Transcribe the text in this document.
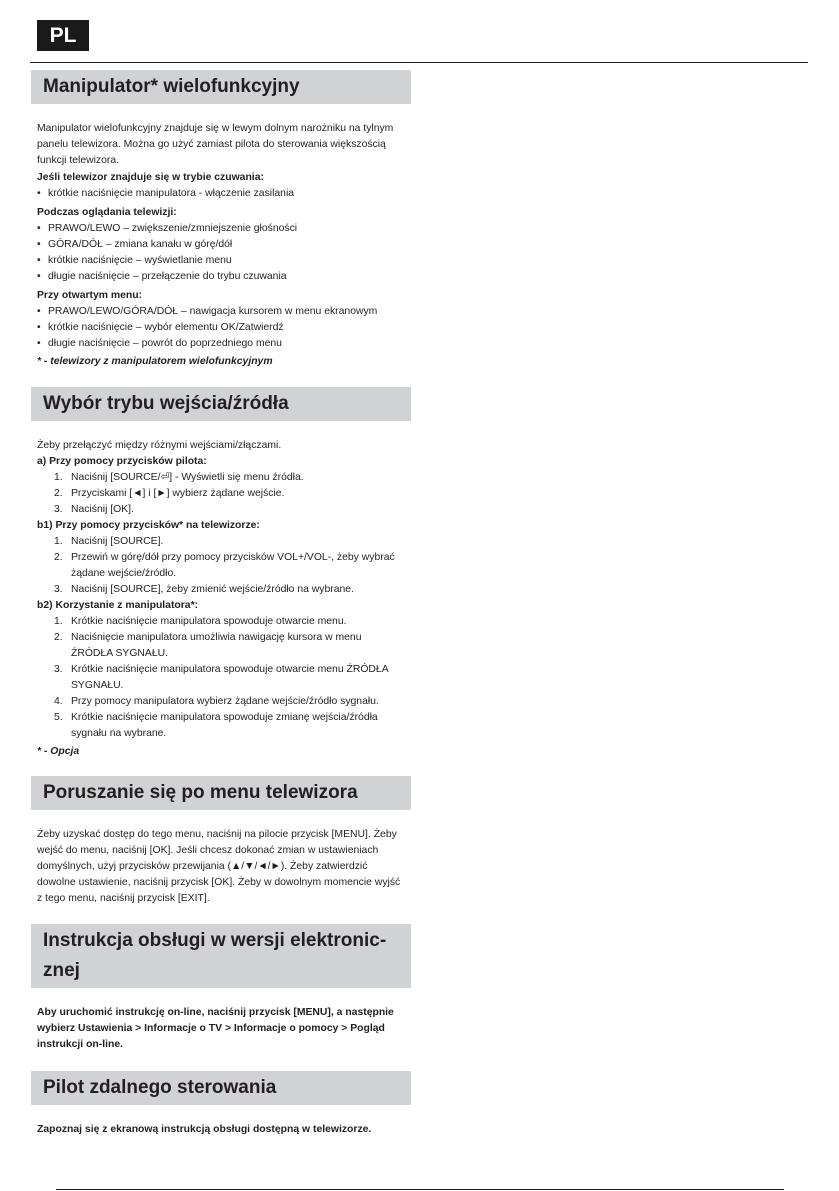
PL
Manipulator* wielofunkcyjny

Manipulator wielofunkcyjny znajduje się w lewym dolnym narożniku na tylnym panelu telewizora. Można go użyć zamiast pilota do sterowania większością funkcji telewizora.

Jeśli telewizor znajduje się w trybie czuwania:

• krótkie naciśnięcie manipulatora - włączenie zasilania

Podczas oglądania telewizji:

• PRAWO/LEWO – zwiększenie/zmniejszenie głośności
• GÓRA/DÓŁ – zmiana kanału w górę/dół
• krótkie naciśnięcie – wyświetlanie menu
• długie naciśnięcie – przełączenie do trybu czuwania

Przy otwartym menu:

• PRAWO/LEWO/GÓRA/DÓŁ – nawigacja kursorem w menu ekranowym
• krótkie naciśnięcie – wybór elementu OK/Zatwierdź
• długie naciśnięcie – powrót do poprzedniego menu

* - telewizory z manipulatorem wielofunkcyjnym

Wybór trybu wejścia/źródła

Żeby przełączyć między różnymi wejściami/złączami.

a) Przy pomocy przycisków pilota:

1. Naciśnij [SOURCE/⏎] - Wyświetli się menu źródła.
2. Przyciskami [◄] i [►] wybierz żądane wejście.
3. Naciśnij [OK].

b1) Przy pomocy przycisków* na telewizorze:

1. Naciśnij [SOURCE].
2. Przewiń w górę/dół przy pomocy przycisków VOL+/VOL-, żeby wybrać żądane wejście/źródło.
3. Naciśnij [SOURCE], żeby zmienić wejście/źródło na wybrane.

b2) Korzystanie z manipulatora*:

1. Krótkie naciśnięcie manipulatora spowoduje otwarcie menu.
2. Naciśnięcie manipulatora umożliwia nawigację kursora w menu ŹRÓDŁA SYGNAŁU.
3. Krótkie naciśnięcie manipulatora spowoduje otwarcie menu ŹRÓDŁA SYGNAŁU.
4. Przy pomocy manipulatora wybierz żądane wejście/źródło sygnału.
5. Krótkie naciśnięcie manipulatora spowoduje zmianę wejścia/źródła sygnału na wybrane.

* - Opcja

Poruszanie się po menu telewizora

Żeby uzyskać dostęp do tego menu, naciśnij na pilocie przycisk [MENU]. Żeby wejść do menu, naciśnij [OK]. Jeśli chcesz dokonać zmian w ustawieniach domyślnych, użyj przycisków przewijania (▲/▼/◄/►). Żeby zatwierdzić dowolne ustawienie, naciśnij przycisk [OK]. Żeby w dowolnym momencie wyjść z tego menu, naciśnij przycisk [EXIT].

Instrukcja obsługi w wersji elektronic-
znej

Aby uruchomić instrukcję on-line, naciśnij przycisk [MENU], a następnie wybierz Ustawienia > Informacje o TV > Informacje o pomocy > Pogląd instrukcji on-line.

Pilot zdalnego sterowania

Zapoznaj się z ekranową instrukcją obsługi dostępną w telewizorze.
